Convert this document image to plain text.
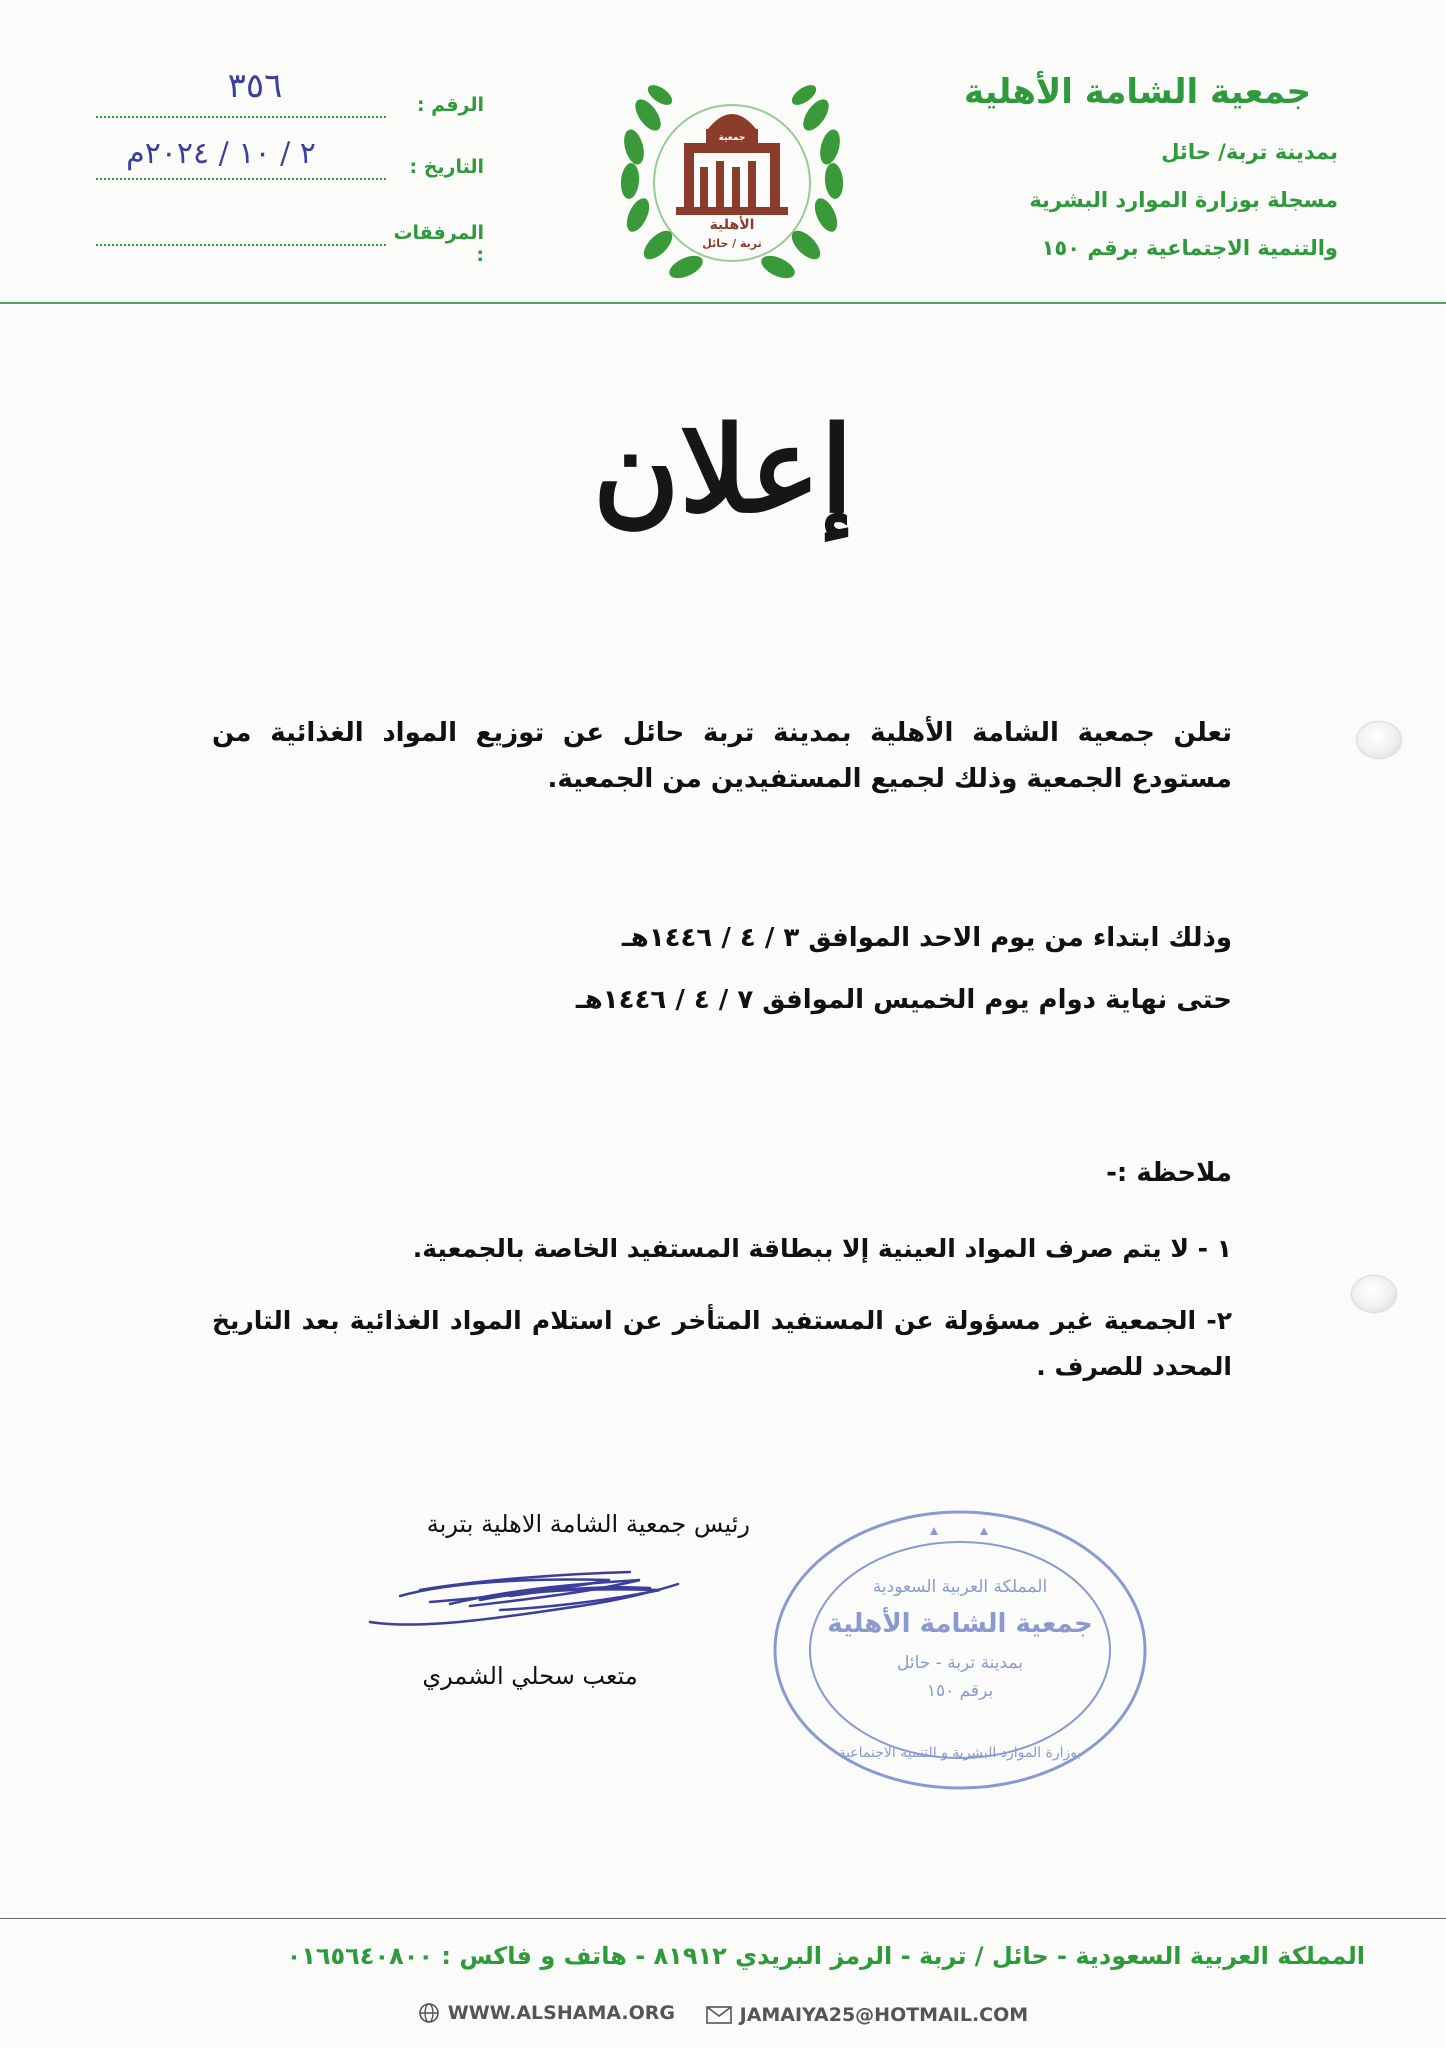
جمعية الشامة الأهلية
بمدينة تربة/ حائل
مسجلة بوزارة الموارد البشرية
والتنمية الاجتماعية برقم ١٥٠
جمعية
الأهلية
تربة / حائل
الرقم :
٣٥٦
التاريخ :
٢ / ١٠ / ٢٠٢٤م
المرفقات :
إعلان
تعلن جمعية الشامة الأهلية بمدينة تربة حائل عن توزيع المواد الغذائية من مستودع الجمعية وذلك لجميع المستفيدين من الجمعية.
وذلك ابتداء من يوم الاحد الموافق ٣ / ٤ / ١٤٤٦هـ
حتى نهاية دوام يوم الخميس الموافق ٧ / ٤ / ١٤٤٦هـ
ملاحظة :-
١ - لا يتم صرف المواد العينية إلا ببطاقة المستفيد الخاصة بالجمعية.
٢- الجمعية غير مسؤولة عن المستفيد المتأخر عن استلام المواد الغذائية بعد التاريخ المحدد للصرف .
رئيس جمعية الشامة الاهلية بتربة
متعب سحلي الشمري
المملكة العربية السعودية
جمعية الشامة الأهلية
بمدينة تربة - حائل
برقم ١٥٠
بوزارة الموارد البشرية و التنمية الاجتماعية
المملكة العربية السعودية - حائل / تربة - الرمز البريدي ٨١٩١٢ - هاتف و فاكس : ٠١٦٥٦٤٠٨٠٠
WWW.ALSHAMA.ORG
	JAMAIYA25@HOTMAIL.COM
